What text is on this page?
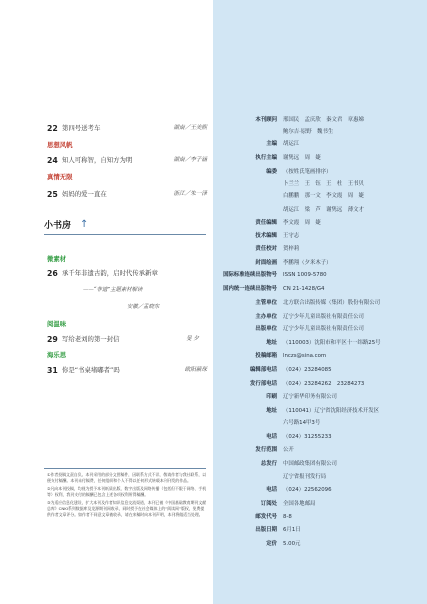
22 第四号送考车	湖南／王美熙
思想风帆
24 知人可称智，自知方为明	湖南／李子涵
真情无限
25 妈妈的爱一直在	浙江／朱一泽
小书房 ↑
微素材
26 承千年非遗古韵，启时代传承新章
——“非遗”主题素材解读
安徽／孟晓东
阅温味
29 写给老刘的第一封信	旻 夕
海乐思
31 你是“书桌堵嘟者”吗	欧阳蕨琛

①作者投稿文责自负。本刊采用的部分文图稿件，因联系方式不详，敬请作者与我社联系，以便支付稿酬。本刊未付稿费，任何组织和个人不得以任何形式转载本刊刊发的作品。

②凡向本刊投稿，均视为授予本刊纸质出版、数字出版及网络传播（包括但不限于网络、手机等）权利，我刊支付的稿酬已包含上述各项权利所得稿酬。

③为适应信息化建设，扩大本刊及作者知识信息交流渠道，本刊已被《中国基础教育期刊文献总库》CNKI系列数据库及龙源期刊网收录，同时授予在社会媒体上的“阅读网”版权，免费提供作者文章评分。如作者不同意文章被收录，请在来稿时向本刊声明，本刊将做适当处理。

本刊顾问 邢国民　孟庆欣　秦文君　章惠娣
鲍尔吉·原野　魏书生
主编 胡运江
执行主编 谢隽远　周　婕
编委 （按姓氏笔画排序）
卜兰兰　王　钰　王　杜　王书贝
白鹏鹏　那一文　李文霞　周　婕
胡运江　梁　芦　谢隽远　薄文才
责任编辑 李文霞　周　婕
技术编辑 王守志
责任校对 贺梓莉
封面绘画 李鹏翔（夕米木子）
国际标准连续出版物号 ISSN 1009-5780
国内统一连续出版物号 CN 21-1428/G4
主管单位 北方联合出版传媒（集团）股份有限公司
主办单位 辽宁少年儿童出版社有限责任公司
出版单位 辽宁少年儿童出版社有限责任公司
地址 （110003）沈阳市和平区十一纬路25号
投稿邮箱 lnczs@sina.com
编辑部电话 （024）23284085
发行部电话 （024）23284262　23284273
印刷 辽宁新华印务有限公司
地址 （110041）辽宁省沈阳经济技术开发区
六号路14甲3号
电话 （024）31255233
发行范围 公开
总发行 中国邮政集团有限公司
辽宁省报刊发行局
电话 （024）22562096
订阅处 全国各地邮局
邮发代号 8-8
出版日期 6月1日
定价 5.00元
